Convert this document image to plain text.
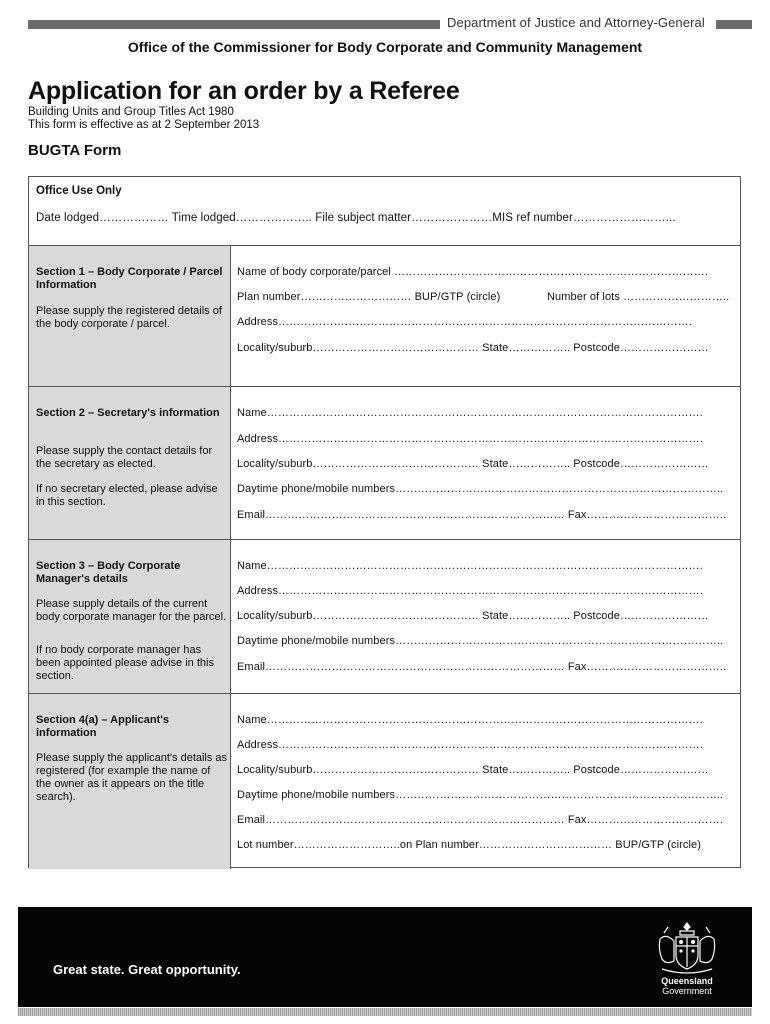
Department of Justice and Attorney-General
Office of the Commissioner for Body Corporate and Community Management
Application for an order by a Referee
Building Units and Group Titles Act 1980
This form is effective as at 2 September 2013
BUGTA Form
Office Use Only
Date lodged……………… Time lodged……………….. File subject matter…………………MIS ref number……………………...
Section 1 – Body Corporate / Parcel Information
Please supply the registered details of the body corporate / parcel.
Name of body corporate/parcel ………………………………………………………………………….
Plan number………………………… BUP/GTP (circle)	Number of lots ………………………..
Address………………………………………………………………………………………………….
Locality/suburb……………………………………… State…………….. Postcode……………………
Section 2 – Secretary's information
Please supply the contact details for the secretary as elected.
If no secretary elected, please advise in this section.
Name……………………………………………………………………………………………………….
Address…………………………………………………………………………………………………….
Locality/suburb……………………………………… State…………….. Postcode……………………
Daytime phone/mobile numbers……………………………………………………………………………..
Email……………………………………………………………………… Fax………………………………..
Section 3 – Body Corporate Manager's details
Please supply details of the current body corporate manager for the parcel.
If no body corporate manager has been appointed please advise in this section.
Name……………………………………………………………………………………………………….
Address…………………………………………………………………………………………………….
Locality/suburb……………………………………… State…………….. Postcode……………………
Daytime phone/mobile numbers……………………………………………………………………………..
Email……………………………………………………………………… Fax………………………………..
Section 4(a) – Applicant's information
Please supply the applicant's details as registered (for example the name of the owner as it appears on the title search).
Name……………………………………………………………………………………………………….
Address…………………………………………………………………………………………………….
Locality/suburb……………………………………… State…………….. Postcode……………………
Daytime phone/mobile numbers……………………………………………………………………………..
Email……………………………………………………………………… Fax……………………………….
Lot number………………………..on Plan number……………………………… BUP/GTP (circle)
Great state. Great opportunity.
Queensland
Government
